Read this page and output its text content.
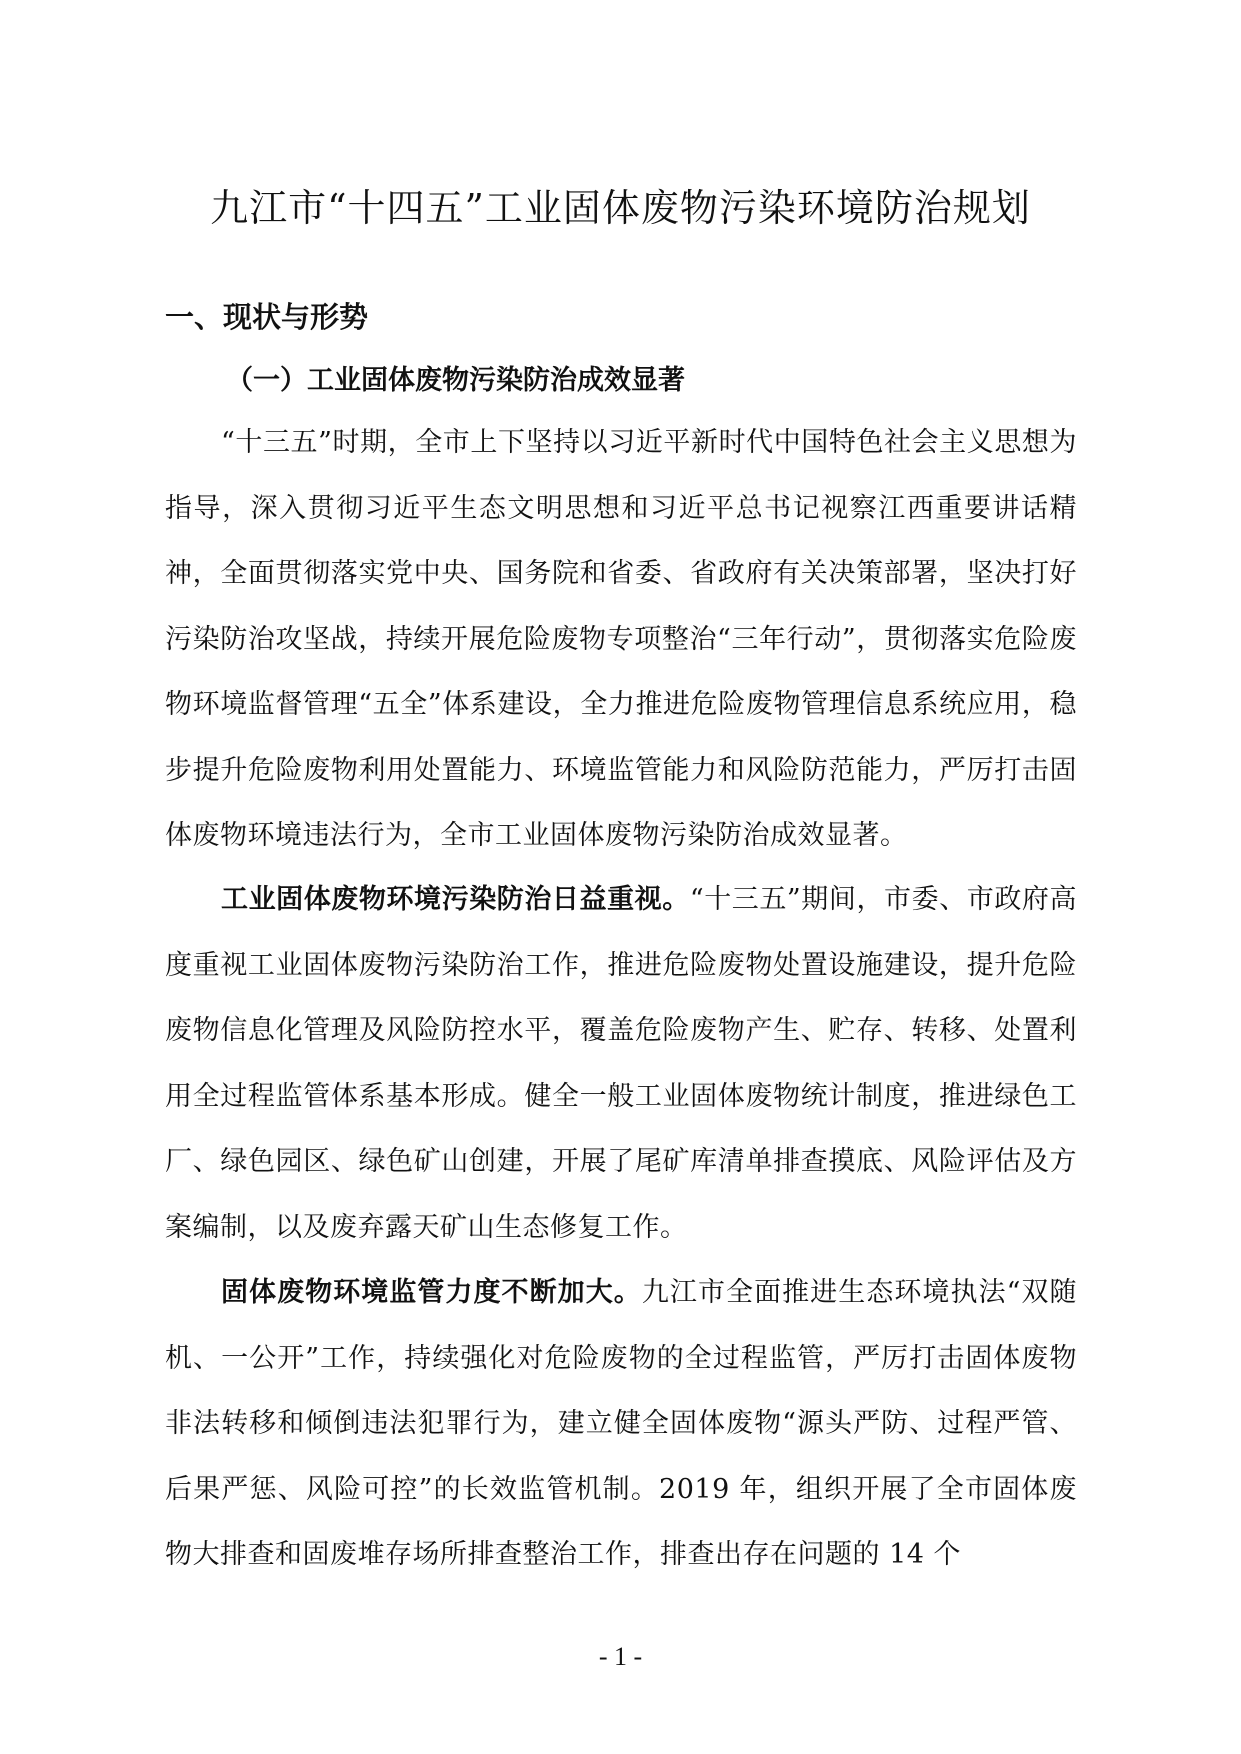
九江市“十四五”工业固体废物污染环境防治规划
一、现状与形势
（一）工业固体废物污染防治成效显著

“十三五”时期，全市上下坚持以习近平新时代中国特色社会主义思想为指导，深入贯彻习近平生态文明思想和习近平总书记视察江西重要讲话精神，全面贯彻落实党中央、国务院和省委、省政府有关决策部署，坚决打好污染防治攻坚战，持续开展危险废物专项整治“三年行动”，贯彻落实危险废物环境监督管理“五全”体系建设，全力推进危险废物管理信息系统应用，稳步提升危险废物利用处置能力、环境监管能力和风险防范能力，严厉打击固体废物环境违法行为，全市工业固体废物污染防治成效显著。

工业固体废物环境污染防治日益重视。“十三五”期间，市委、市政府高度重视工业固体废物污染防治工作，推进危险废物处置设施建设，提升危险废物信息化管理及风险防控水平，覆盖危险废物产生、贮存、转移、处置利用全过程监管体系基本形成。健全一般工业固体废物统计制度，推进绿色工厂、绿色园区、绿色矿山创建，开展了尾矿库清单排查摸底、风险评估及方案编制，以及废弃露天矿山生态修复工作。

固体废物环境监管力度不断加大。九江市全面推进生态环境执法“双随机、一公开”工作，持续强化对危险废物的全过程监管，严厉打击固体废物非法转移和倾倒违法犯罪行为，建立健全固体废物“源头严防、过程严管、后果严惩、风险可控”的长效监管机制。2019 年，组织开展了全市固体废物大排查和固废堆存场所排查整治工作，排查出存在问题的 14 个

- 1 -
